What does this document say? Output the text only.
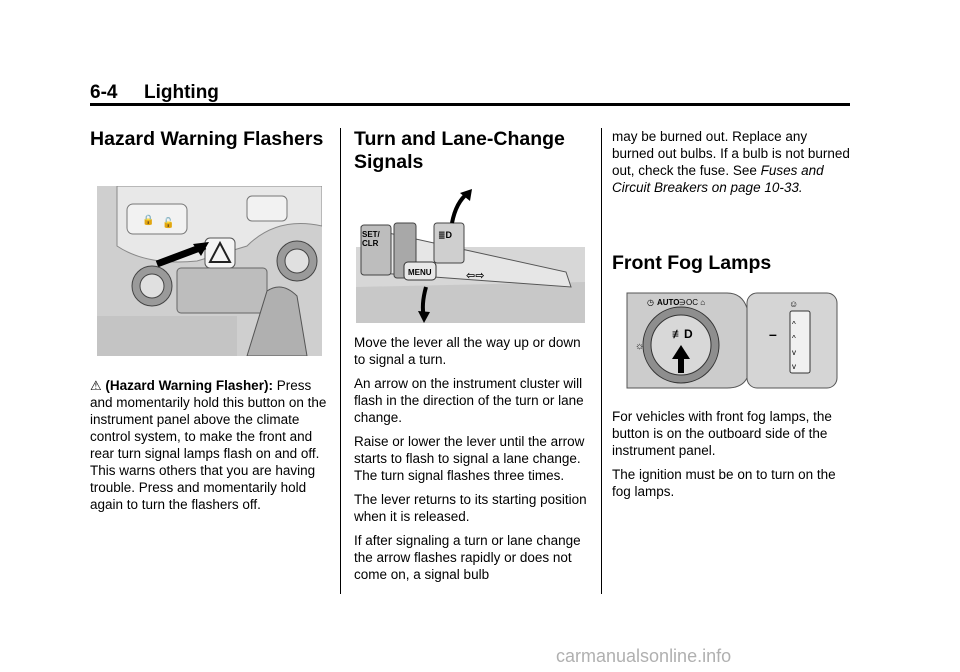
6-4 Lighting
Hazard Warning Flashers
🔒 🔓

⚠ (Hazard Warning Flasher): Press and momentarily hold this button on the instrument panel above the climate control system, to make the front and rear turn signal lamps flash on and off. This warns others that you are having trouble. Press and momentarily hold again to turn the flashers off.

Turn and Lane-Change Signals
SET/
CLR
≣D
MENU	⇦⇨

Move the lever all the way up or down to signal a turn.

An arrow on the instrument cluster will flash in the direction of the turn or lane change.

Raise or lower the lever until the arrow starts to flash to signal a lane change. The turn signal flashes three times.

The lever returns to its starting position when it is released.

If after signaling a turn or lane change the arrow flashes rapidly or does not come on, a signal bulb

may be burned out. Replace any burned out bulbs. If a bulb is not burned out, check the fuse. See Fuses and Circuit Breakers on page 10-33.

Front Fog Lamps
◷ AUTO ∋OC ⌂
≢D
☼
–
^
^
v
v
☺

For vehicles with front fog lamps, the button is on the outboard side of the instrument panel.

The ignition must be on to turn on the fog lamps.

carmanualsonline.info
